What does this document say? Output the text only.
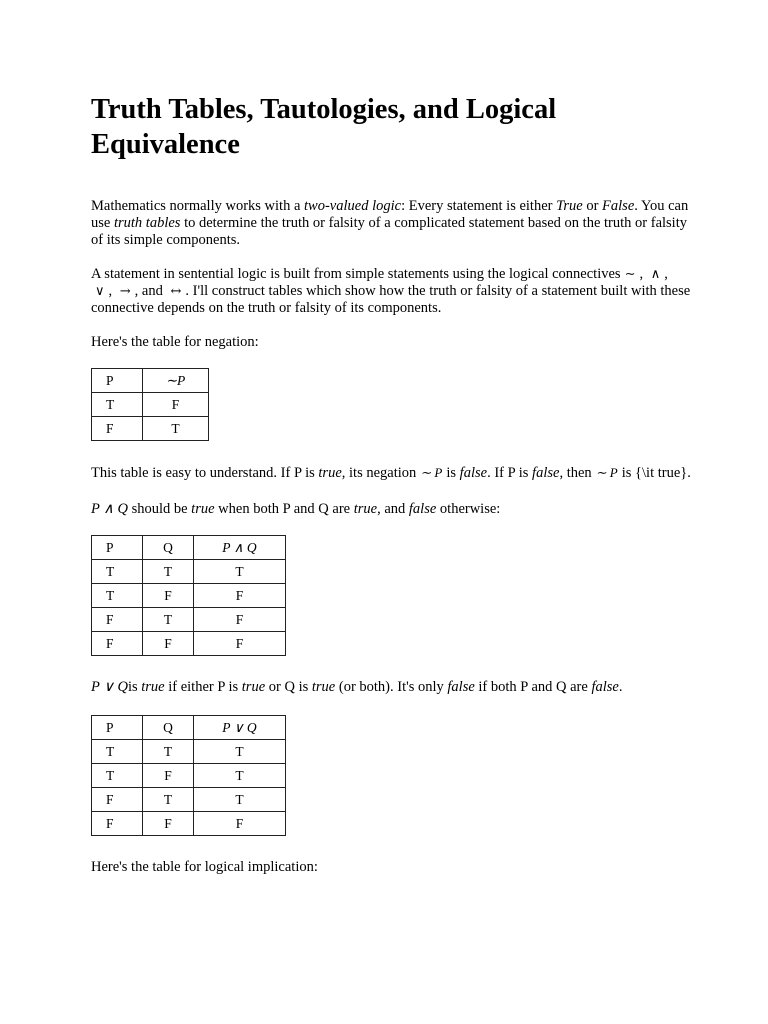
Truth Tables, Tautologies, and Logical Equivalence

Mathematics normally works with a two-valued logic: Every statement is either True or False. You can use truth tables to determine the truth or falsity of a complicated statement based on the truth or falsity of its simple components.

A statement in sentential logic is built from simple statements using the logical connectives ∼ , ∧ , ∨ , → , and ↔ . I'll construct tables which show how the truth or falsity of a statement built with these connective depends on the truth or falsity of its components.

Here's the table for negation:

P	∼P
T	F
F	T

This table is easy to understand. If P is true, its negation ∼ P is false. If P is false, then ∼ P is {\it true}.

P ∧ Q should be true when both P and Q are true, and false otherwise:

P	Q	P ∧ Q
T	T	T
T	F	F
F	T	F
F	F	F

P ∨ Qis true if either P is true or Q is true (or both). It's only false if both P and Q are false.

P	Q	P ∨ Q
T	T	T
T	F	T
F	T	T
F	F	F

Here's the table for logical implication:
